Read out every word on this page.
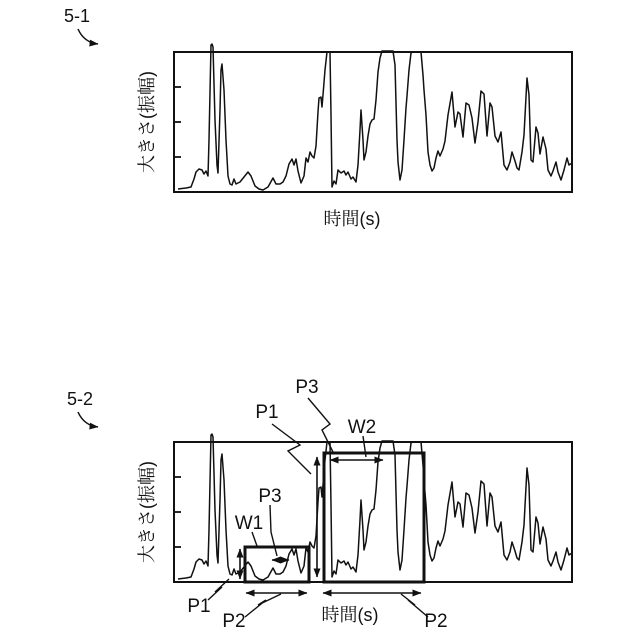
5-1
時間(s)
大きさ(振幅)
5-2
時間(s)
大きさ(振幅)
P1
P3
W2
P3
W1
P1
P2	P2
